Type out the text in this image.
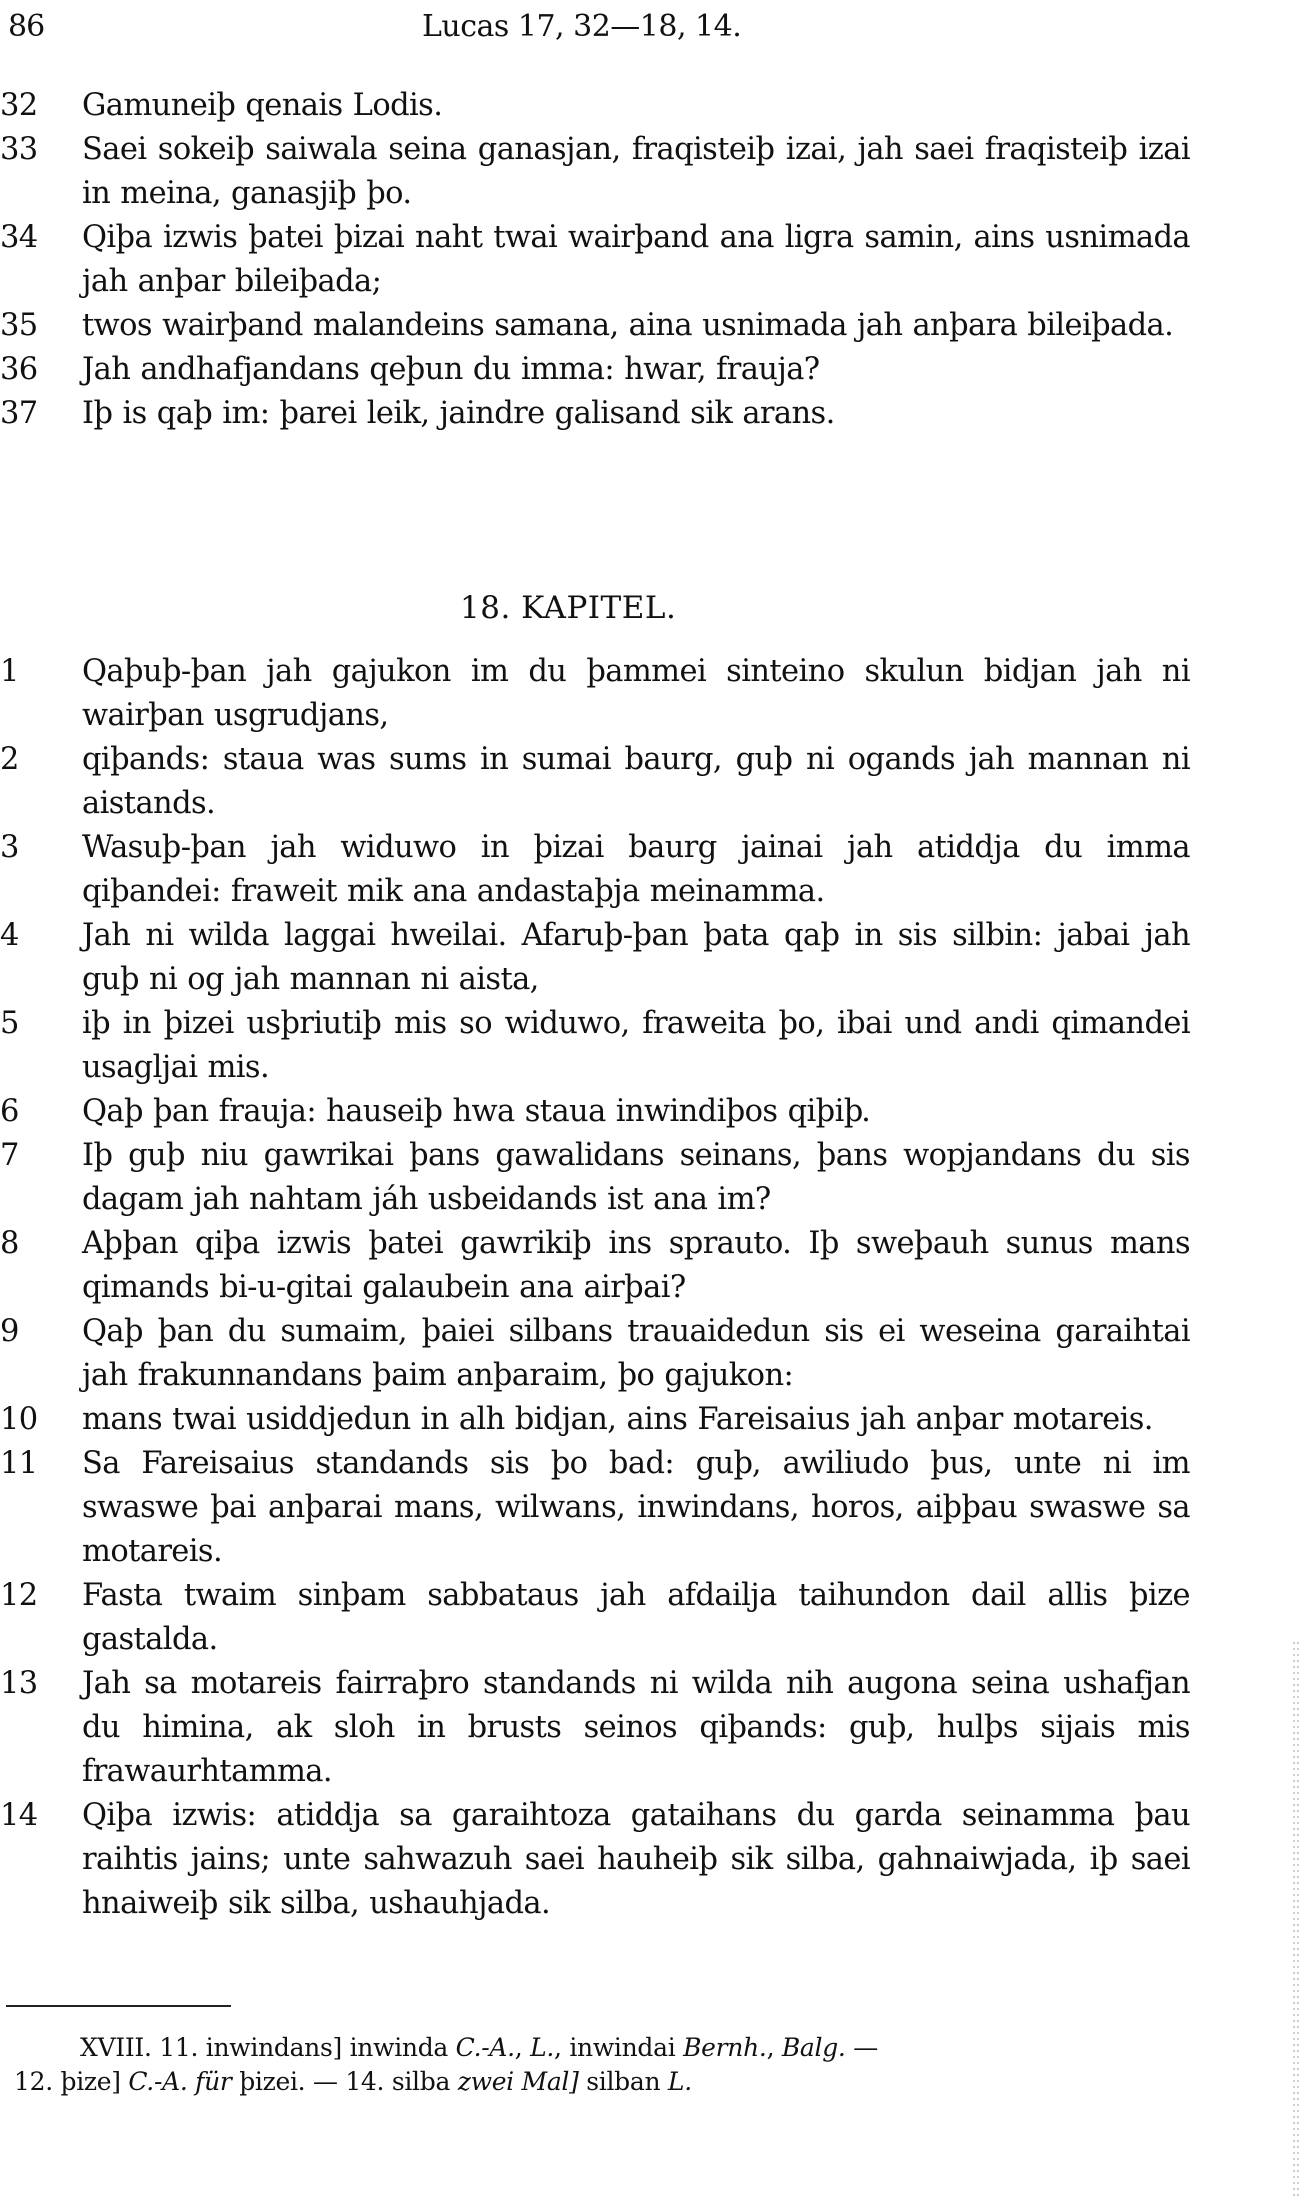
86	Lucas 17, 32—18, 14.
32	Gamuneiþ qenais Lodis.
33	Saei sokeiþ saiwala seina ganasjan, fraqisteiþ izai, jah saei fraqisteiþ izai in meina, ganasjiþ þo.
34	Qiþa izwis þatei þizai naht twai wairþand ana ligra samin, ains usnimada jah anþar bileiþada;
35	twos wairþand malandeins samana, aina usnimada jah anþara bileiþada.
36	Jah andhafjandans qeþun du imma: hwar, frauja?
37	Iþ is qaþ im: þarei leik, jaindre galisand sik arans.
18. KAPITEL.
1	Qaþuþ-þan jah gajukon im du þammei sinteino skulun bidjan jah ni wairþan usgrudjans,
2	qiþands: staua was sums in sumai baurg, guþ ni ogands jah mannan ni aistands.
3	Wasuþ-þan jah widuwo in þizai baurg jainai jah atiddja du imma qiþandei: fraweit mik ana andastaþja meinamma.
4	Jah ni wilda laggai hweilai. Afaruþ-þan þata qaþ in sis silbin: jabai jah guþ ni og jah mannan ni aista,
5	iþ in þizei usþriutiþ mis so widuwo, fraweita þo, ibai und andi qimandei usagljai mis.
6	Qaþ þan frauja: hauseiþ hwa staua inwindiþos qiþiþ.
7	Iþ guþ niu gawrikai þans gawalidans seinans, þans wopjandans du sis dagam jah nahtam jáh usbeidands ist ana im?
8	Aþþan qiþa izwis þatei gawrikiþ ins sprauto. Iþ sweþauh sunus mans qimands bi-u-gitai galaubein ana airþai?
9	Qaþ þan du sumaim, þaiei silbans trauaidedun sis ei weseina garaihtai jah frakunnandans þaim anþaraim, þo gajukon:
10	mans twai usiddjedun in alh bidjan, ains Fareisaius jah anþar motareis.
11	Sa Fareisaius standands sis þo bad: guþ, awiliudo þus, unte ni im swaswe þai anþarai mans, wilwans, inwindans, horos, aiþþau swaswe sa motareis.
12	Fasta twaim sinþam sabbataus jah afdailja taihundon dail allis þize gastalda.
13	Jah sa motareis fairraþro standands ni wilda nih augona seina ushafjan du himina, ak sloh in brusts seinos qiþands: guþ, hulþs sijais mis frawaurhtamma.
14	Qiþa izwis: atiddja sa garaihtoza gataihans du garda seinamma þau raihtis jains; unte sahwazuh saei hauheiþ sik silba, gahnaiwjada, iþ saei hnaiweiþ sik silba, ushauhjada.
XVIII. 11. inwindans] inwinda C.-A., L., inwindai Bernh., Balg. —
12. þize] C.-A. für þizei. — 14. silba zwei Mal] silban L.
